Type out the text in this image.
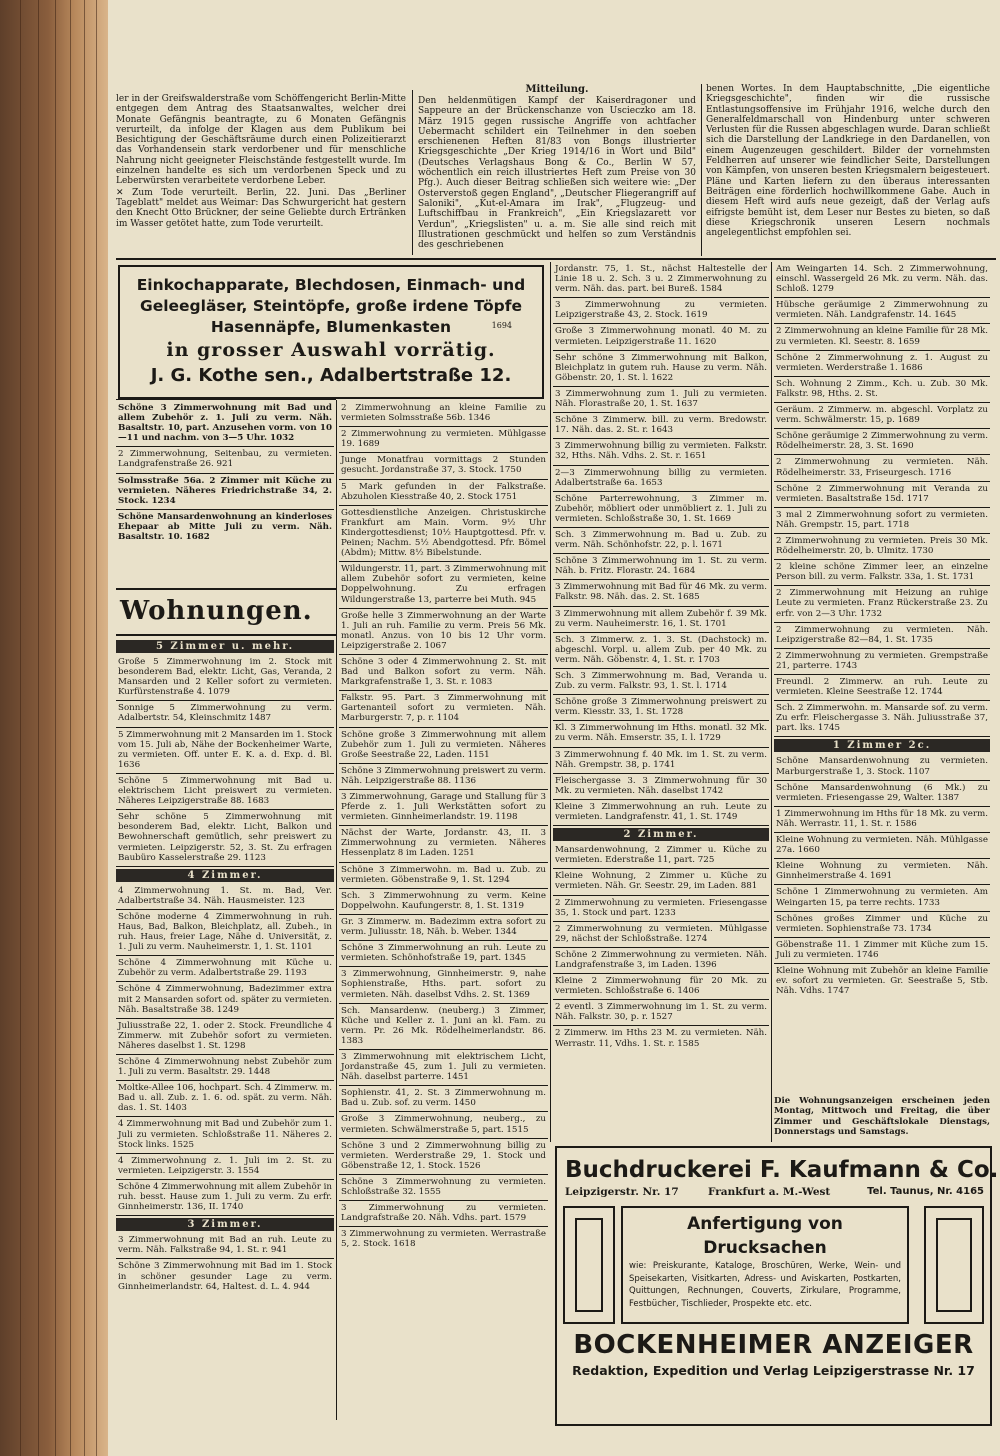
ler in der Greifswalderstraße vom Schöffengericht Berlin-Mitte entgegen dem Antrag des Staatsanwaltes, welcher drei Monate Gefängnis beantragte, zu 6 Monaten Gefängnis verurteilt, da infolge der Klagen aus dem Publikum bei Besichtigung der Geschäftsräume durch einen Polizeitierarzt das Vorhandensein stark verdorbener und für menschliche Nahrung nicht geeigneter Fleischstände festgestellt wurde. Im einzelnen handelte es sich um verdorbenen Speck und zu Leberwürsten verarbeitete verdorbene Leber.
✕ Zum Tode verurteilt. Berlin, 22. Juni. Das „Berliner Tageblatt" meldet aus Weimar: Das Schwurgericht hat gestern den Knecht Otto Brückner, der seine Geliebte durch Ertränken im Wasser getötet hatte, zum Tode verurteilt.
Mitteilung.
Den heldenmütigen Kampf der Kaiserdragoner und Sappeure an der Brückenschanze von Uscieczko am 18. März 1915 gegen russische Angriffe von achtfacher Uebermacht schildert ein Teilnehmer in den soeben erschienenen Heften 81/83 von Bongs illustrierter Kriegsgeschichte „Der Krieg 1914/16 in Wort und Bild" (Deutsches Verlagshaus Bong & Co., Berlin W 57, wöchentlich ein reich illustriertes Heft zum Preise von 30 Pfg.). Auch dieser Beitrag schließen sich weitere wie: „Der Osterverstoß gegen England", „Deutscher Fliegerangriff auf Saloniki", „Kut-el-Amara im Irak", „Flugzeug- und Luftschiffbau in Frankreich", „Ein Kriegslazarett vor Verdun", „Kriegslisten" u. a. m. Sie alle sind reich mit Illustrationen geschmückt und helfen so zum Verständnis des geschriebenen
benen Wortes. In dem Hauptabschnitte, „Die eigentliche Kriegsgeschichte", finden wir die russische Entlastungsoffensive im Frühjahr 1916, welche durch den Generalfeldmarschall von Hindenburg unter schweren Verlusten für die Russen abgeschlagen wurde. Daran schließt sich die Darstellung der Landkriege in den Dardanellen, von einem Augenzeugen geschildert. Bilder der vornehmsten Feldherren auf unserer wie feindlicher Seite, Darstellungen von Kämpfen, von unseren besten Kriegsmalern beigesteuert. Pläne und Karten liefern zu den überaus interessanten Beiträgen eine förderlich hochwillkommene Gabe. Auch in diesem Heft wird aufs neue gezeigt, daß der Verlag aufs eifrigste bemüht ist, dem Leser nur Bestes zu bieten, so daß diese Kriegschronik unseren Lesern nochmals angelegentlichst empfohlen sei.
Einkochapparate, Blechdosen, Einmach- und
Geleegläser, Steintöpfe, große irdene Töpfe
Hasennäpfe, Blumenkasten	1694
in grosser Auswahl vorrätig.
J. G. Kothe sen., Adalbertstraße 12.
Schöne 3 Zimmerwohnung mit Bad und allem Zubehör z. 1. Juli zu verm. Näh. Basaltstr. 10, part. Anzusehen vorm. von 10—11 und nachm. von 3—5 Uhr. 1032
2 Zimmerwohnung, Seitenbau, zu vermieten. Landgrafenstraße 26. 921
Solmsstraße 56a. 2 Zimmer mit Küche zu vermieten. Näheres Friedrichstraße 34, 2. Stock. 1234
Schöne Mansardenwohnung an kinderloses Ehepaar ab Mitte Juli zu verm. Näh. Basaltstr. 10. 1682
Wohnungen.
5 Zimmer u. mehr.
Große 5 Zimmerwohnung im 2. Stock mit besonderem Bad, elektr. Licht, Gas, Veranda, 2 Mansarden und 2 Keller sofort zu vermieten. Kurfürstenstraße 4. 1079
Sonnige 5 Zimmerwohnung zu verm. Adalbertstr. 54, Kleinschmitz 1487
5 Zimmerwohnung mit 2 Mansarden im 1. Stock vom 15. Juli ab, Nähe der Bockenheimer Warte, zu vermieten. Off. unter E. K. a. d. Exp. d. Bl. 1636
Schöne 5 Zimmerwohnung mit Bad u. elektrischem Licht preiswert zu vermieten. Näheres Leipzigerstraße 88. 1683
Sehr schöne 5 Zimmerwohnung mit besonderem Bad, elektr. Licht, Balkon und Bewohnerschaft gemütlich, sehr preiswert zu vermieten. Leipzigerstr. 52, 3. St. Zu erfragen Baubüro Kasselerstraße 29. 1123
4 Zimmer.
4 Zimmerwohnung 1. St. m. Bad, Ver. Adalbertstraße 34. Näh. Hausmeister. 123
Schöne moderne 4 Zimmerwohnung in ruh. Haus, Bad, Balkon, Bleichplatz, all. Zubeh., in ruh. Haus, freier Lage, Nähe d. Universität, z. 1. Juli zu verm. Nauheimerstr. 1, 1. St. 1101
Schöne 4 Zimmerwohnung mit Küche u. Zubehör zu verm. Adalbertstraße 29. 1193
Schöne 4 Zimmerwohnung, Badezimmer extra mit 2 Mansarden sofort od. später zu vermieten. Näh. Basaltstraße 38. 1249
Juliusstraße 22, 1. oder 2. Stock. Freundliche 4 Zimmerw. mit Zubehör sofort zu vermieten. Näheres daselbst 1. St. 1298
Schöne 4 Zimmerwohnung nebst Zubehör zum 1. Juli zu verm. Basaltstr. 29. 1448
Moltke-Allee 106, hochpart. Sch. 4 Zimmerw. m. Bad u. all. Zub. z. 1. 6. od. spät. zu verm. Näh. das. 1. St. 1403
4 Zimmerwohnung mit Bad und Zubehör zum 1. Juli zu vermieten. Schloßstraße 11. Näheres 2. Stock links. 1525
4 Zimmerwohnung z. 1. Juli im 2. St. zu vermieten. Leipzigerstr. 3. 1554
Schöne 4 Zimmerwohnung mit allem Zubehör in ruh. besst. Hause zum 1. Juli zu verm. Zu erfr. Ginnheimerstr. 136, II. 1740
3 Zimmer.
3 Zimmerwohnung mit Bad an ruh. Leute zu verm. Näh. Falkstraße 94, 1. St. r. 941
Schöne 3 Zimmerwohnung mit Bad im 1. Stock in schöner gesunder Lage zu verm. Ginnheimerlandstr. 64, Haltest. d. L. 4. 944
2 Zimmerwohnung an kleine Familie zu vermieten Solmsstraße 56b. 1346
2 Zimmerwohnung zu vermieten. Mühlgasse 19. 1689
Junge Monatfrau vormittags 2 Stunden gesucht. Jordanstraße 37, 3. Stock. 1750
5 Mark gefunden in der Falkstraße. Abzuholen Kiesstraße 40, 2. Stock 1751
Gottesdienstliche Anzeigen. Christuskirche Frankfurt am Main. Vorm. 9½ Uhr Kindergottesdienst; 10½ Hauptgottesd. Pfr. v. Peinen; Nachm. 5½ Abendgottesd. Pfr. Bömel (Abdm); Mittw. 8½ Bibelstunde.
Wildungerstr. 11, part. 3 Zimmerwohnung mit allem Zubehör sofort zu vermieten, keine Doppelwohnung. Zu erfragen Wildungerstraße 13, parterre bei Muth. 945
Große helle 3 Zimmerwohnung an der Warte 1. Juli an ruh. Familie zu verm. Preis 56 Mk. monatl. Anzus. von 10 bis 12 Uhr vorm. Leipzigerstraße 2. 1067
Schöne 3 oder 4 Zimmerwohnung 2. St. mit Bad und Balkon sofort zu verm. Näh. Markgrafenstraße 1, 3. St. r. 1083
Falkstr. 95. Part. 3 Zimmerwohnung mit Gartenanteil sofort zu vermieten. Näh. Marburgerstr. 7, p. r. 1104
Schöne große 3 Zimmerwohnung mit allem Zubehör zum 1. Juli zu vermieten. Näheres Große Seestraße 22, Laden. 1151
Schöne 3 Zimmerwohnung preiswert zu verm. Näh. Leipzigerstraße 88. 1136
3 Zimmerwohnung, Garage und Stallung für 3 Pferde z. 1. Juli Werkstätten sofort zu vermieten. Ginnheimerlandstr. 19. 1198
Nächst der Warte, Jordanstr. 43, II. 3 Zimmerwohnung zu vermieten. Näheres Hessenplatz 8 im Laden. 1251
Schöne 3 Zimmerwohn. m. Bad u. Zub. zu vermieten. Göbenstraße 9, 1. St. 1294
Sch. 3 Zimmerwohnung zu verm. Keine Doppelwohn. Kaufungerstr. 8, 1. St. 1319
Gr. 3 Zimmerw. m. Badezimm extra sofort zu verm. Juliusstr. 18, Näh. b. Weber. 1344
Schöne 3 Zimmerwohnung an ruh. Leute zu vermieten. Schönhofstraße 19, part. 1345
3 Zimmerwohnung, Ginnheimerstr. 9, nahe Sophienstraße, Hths. part. sofort zu vermieten. Näh. daselbst Vdhs. 2. St. 1369
Sch. Mansardenw. (neuberg.) 3 Zimmer, Küche und Keller z. 1. Juni an kl. Fam. zu verm. Pr. 26 Mk. Rödelheimerlandstr. 86. 1383
3 Zimmerwohnung mit elektrischem Licht, Jordanstraße 45, zum 1. Juli zu vermieten. Näh. daselbst parterre. 1451
Sophienstr. 41, 2. St. 3 Zimmerwohnung m. Bad u. Zub. sof. zu verm. 1450
Große 3 Zimmerwohnung, neuberg., zu vermieten. Schwälmerstraße 5, part. 1515
Schöne 3 und 2 Zimmerwohnung billig zu vermieten. Werderstraße 29, 1. Stock und Göbenstraße 12, 1. Stock. 1526
Schöne 3 Zimmerwohnung zu vermieten. Schloßstraße 32. 1555
3 Zimmerwohnung zu vermieten. Landgrafstraße 20. Näh. Vdhs. part. 1579
3 Zimmerwohnung zu vermieten. Werrastraße 5, 2. Stock. 1618
Jordanstr. 75, 1. St., nächst Haltestelle der Linie 18 u. 2. Sch. 3 u. 2 Zimmerwohnung zu verm. Näh. das. part. bei Bureß. 1584
3 Zimmerwohnung zu vermieten. Leipzigerstraße 43, 2. Stock. 1619
Große 3 Zimmerwohnung monatl. 40 M. zu vermieten. Leipzigerstraße 11. 1620
Sehr schöne 3 Zimmerwohnung mit Balkon, Bleichplatz in gutem ruh. Hause zu verm. Näh. Göbenstr. 20, 1. St. l. 1622
3 Zimmerwohnung zum 1. Juli zu vermieten. Näh. Florastraße 20, 1. St. 1637
Schöne 3 Zimmerw. bill. zu verm. Bredowstr. 17. Näh. das. 2. St. r. 1643
3 Zimmerwohnung billig zu vermieten. Falkstr. 32, Hths. Näh. Vdhs. 2. St. r. 1651
2—3 Zimmerwohnung billig zu vermieten. Adalbertstraße 6a. 1653
Schöne Parterrewohnung, 3 Zimmer m. Zubehör, möbliert oder unmöbliert z. 1. Juli zu vermieten. Schloßstraße 30, 1. St. 1669
Sch. 3 Zimmerwohnung m. Bad u. Zub. zu verm. Näh. Schönhofstr. 22, p. l. 1671
Schöne 3 Zimmerwohnung im 1. St. zu verm. Näh. b. Fritz. Florastr. 24. 1684
3 Zimmerwohnung mit Bad für 46 Mk. zu verm. Falkstr. 98. Näh. das. 2. St. 1685
3 Zimmerwohnung mit allem Zubehör f. 39 Mk. zu verm. Nauheimerstr. 16, 1. St. 1701
Sch. 3 Zimmerw. z. 1. 3. St. (Dachstock) m. abgeschl. Vorpl. u. allem Zub. per 40 Mk. zu verm. Näh. Göbenstr. 4, 1. St. r. 1703
Sch. 3 Zimmerwohnung m. Bad, Veranda u. Zub. zu verm. Falkstr. 93, 1. St. l. 1714
Schöne große 3 Zimmerwohnung preiswert zu verm. Kiesstr. 33, 1. St. 1728
Kl. 3 Zimmerwohnung im Hths. monatl. 32 Mk. zu verm. Näh. Emserstr. 35, I. l. 1729
3 Zimmerwohnung f. 40 Mk. im 1. St. zu verm. Näh. Grempstr. 38, p. 1741
Fleischergasse 3. 3 Zimmerwohnung für 30 Mk. zu vermieten. Näh. daselbst 1742
Kleine 3 Zimmerwohnung an ruh. Leute zu vermieten. Landgrafenstr. 41, 1. St. 1749
2 Zimmer.
Mansardenwohnung, 2 Zimmer u. Küche zu vermieten. Ederstraße 11, part. 725
Kleine Wohnung, 2 Zimmer u. Küche zu vermieten. Näh. Gr. Seestr. 29, im Laden. 881
2 Zimmerwohnung zu vermieten. Friesengasse 35, 1. Stock und part. 1233
2 Zimmerwohnung zu vermieten. Mühlgasse 29, nächst der Schloßstraße. 1274
Schöne 2 Zimmerwohnung zu vermieten. Näh. Landgrafenstraße 3, im Laden. 1396
Kleine 2 Zimmerwohnung für 20 Mk. zu vermieten. Schloßstraße 6. 1406
2 eventl. 3 Zimmerwohnung im 1. St. zu verm. Näh. Falkstr. 30, p. r. 1527
2 Zimmerw. im Hths 23 M. zu vermieten. Näh. Werrastr. 11, Vdhs. 1. St. r. 1585
Am Weingarten 14. Sch. 2 Zimmerwohnung, einschl. Wassergeld 26 Mk. zu verm. Näh. das. Schloß. 1279
Hübsche geräumige 2 Zimmerwohnung zu vermieten. Näh. Landgrafenstr. 14. 1645
2 Zimmerwohnung an kleine Familie für 28 Mk. zu vermieten. Kl. Seestr. 8. 1659
Schöne 2 Zimmerwohnung z. 1. August zu vermieten. Werderstraße 1. 1686
Sch. Wohnung 2 Zimm., Kch. u. Zub. 30 Mk. Falkstr. 98, Hths. 2. St.
Geräum. 2 Zimmerw. m. abgeschl. Vorplatz zu verm. Schwälmerstr. 15, p. 1689
Schöne geräumige 2 Zimmerwohnung zu verm. Rödelheimerstr. 28, 3. St. 1690
2 Zimmerwohnung zu vermieten. Näh. Rödelheimerstr. 33, Friseurgesch. 1716
Schöne 2 Zimmerwohnung mit Veranda zu vermieten. Basaltstraße 15d. 1717
3 mal 2 Zimmerwohnung sofort zu vermieten. Näh. Grempstr. 15, part. 1718
2 Zimmerwohnung zu vermieten. Preis 30 Mk. Rödelheimerstr. 20, b. Ulmitz. 1730
2 kleine schöne Zimmer leer, an einzelne Person bill. zu verm. Falkstr. 33a, 1. St. 1731
2 Zimmerwohnung mit Heizung an ruhige Leute zu vermieten. Franz Rückerstraße 23. Zu erfr. von 2—3 Uhr. 1732
2 Zimmerwohnung zu vermieten. Näh. Leipzigerstraße 82—84, 1. St. 1735
2 Zimmerwohnung zu vermieten. Grempstraße 21, parterre. 1743
Freundl. 2 Zimmerw. an ruh. Leute zu vermieten. Kleine Seestraße 12. 1744
Sch. 2 Zimmerwohn. m. Mansarde sof. zu verm. Zu erfr. Fleischergasse 3. Näh. Juliusstraße 37, part. lks. 1745
1 Zimmer 2c.
Schöne Mansardenwohnung zu vermieten. Marburgerstraße 1, 3. Stock. 1107
Schöne Mansardenwohnung (6 Mk.) zu vermieten. Friesengasse 29, Walter. 1387
1 Zimmerwohnung im Hths für 18 Mk. zu verm. Näh. Werrastr. 11, 1. St. r. 1586
Kleine Wohnung zu vermieten. Näh. Mühlgasse 27a. 1660
Kleine Wohnung zu vermieten. Näh. Ginnheimerstraße 4. 1691
Schöne 1 Zimmerwohnung zu vermieten. Am Weingarten 15, pa terre rechts. 1733
Schönes großes Zimmer und Küche zu vermieten. Sophienstraße 73. 1734
Göbenstraße 11. 1 Zimmer mit Küche zum 15. Juli zu vermieten. 1746
Kleine Wohnung mit Zubehör an kleine Familie ev. sofort zu vermieten. Gr. Seestraße 5, Stb. Näh. Vdhs. 1747
Die Wohnungsanzeigen erscheinen jeden Montag, Mittwoch und Freitag, die über Zimmer und Geschäftslokale Dienstags, Donnerstags und Samstags.
Buchdruckerei F. Kaufmann & Co.
Leipzigerstr. Nr. 17	Frankfurt a. M.-West	Tel. Taunus, Nr. 4165
Anfertigung von Drucksachen
wie: Preiskurante, Kataloge, Broschüren, Werke, Wein- und Speisekarten, Visitkarten, Adress- und Aviskarten, Postkarten, Quittungen, Rechnungen, Couverts, Zirkulare, Programme, Festbücher, Tischlieder, Prospekte etc. etc.
BOCKENHEIMER ANZEIGER
Redaktion, Expedition und Verlag Leipzigerstrasse Nr. 17
